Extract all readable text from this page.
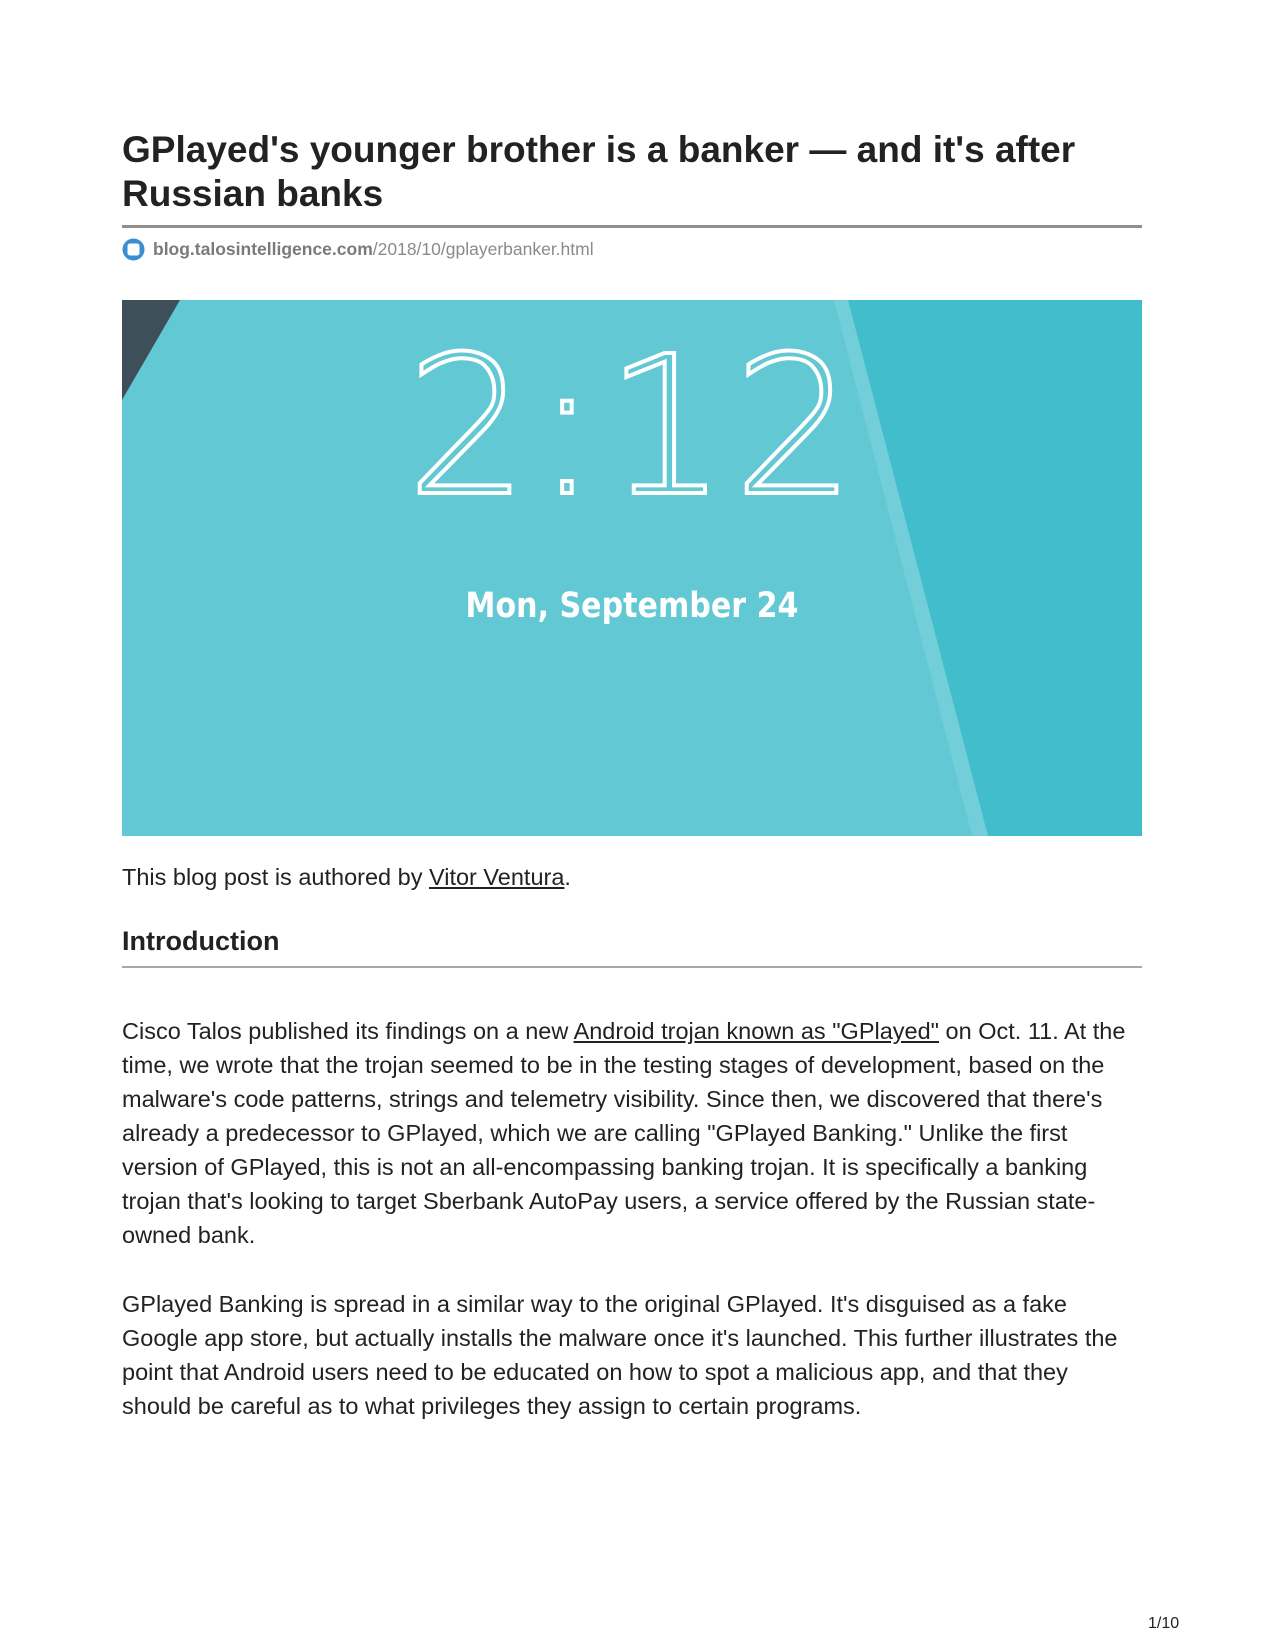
GPlayed's younger brother is a banker — and it's after Russian banks
blog.talosintelligence.com /2018/10/gplayerbanker.html
2:12
Mon, September 24

This blog post is authored by Vitor Ventura.

Introduction

Cisco Talos published its findings on a new Android trojan known as "GPlayed" on Oct. 11. At the time, we wrote that the trojan seemed to be in the testing stages of development, based on the malware's code patterns, strings and telemetry visibility. Since then, we discovered that there's already a predecessor to GPlayed, which we are calling "GPlayed Banking." Unlike the first version of GPlayed, this is not an all-encompassing banking trojan. It is specifically a banking trojan that's looking to target Sberbank AutoPay users, a service offered by the Russian state-owned bank.

GPlayed Banking is spread in a similar way to the original GPlayed. It's disguised as a fake Google app store, but actually installs the malware once it's launched. This further illustrates the point that Android users need to be educated on how to spot a malicious app, and that they should be careful as to what privileges they assign to certain programs.

1/10
